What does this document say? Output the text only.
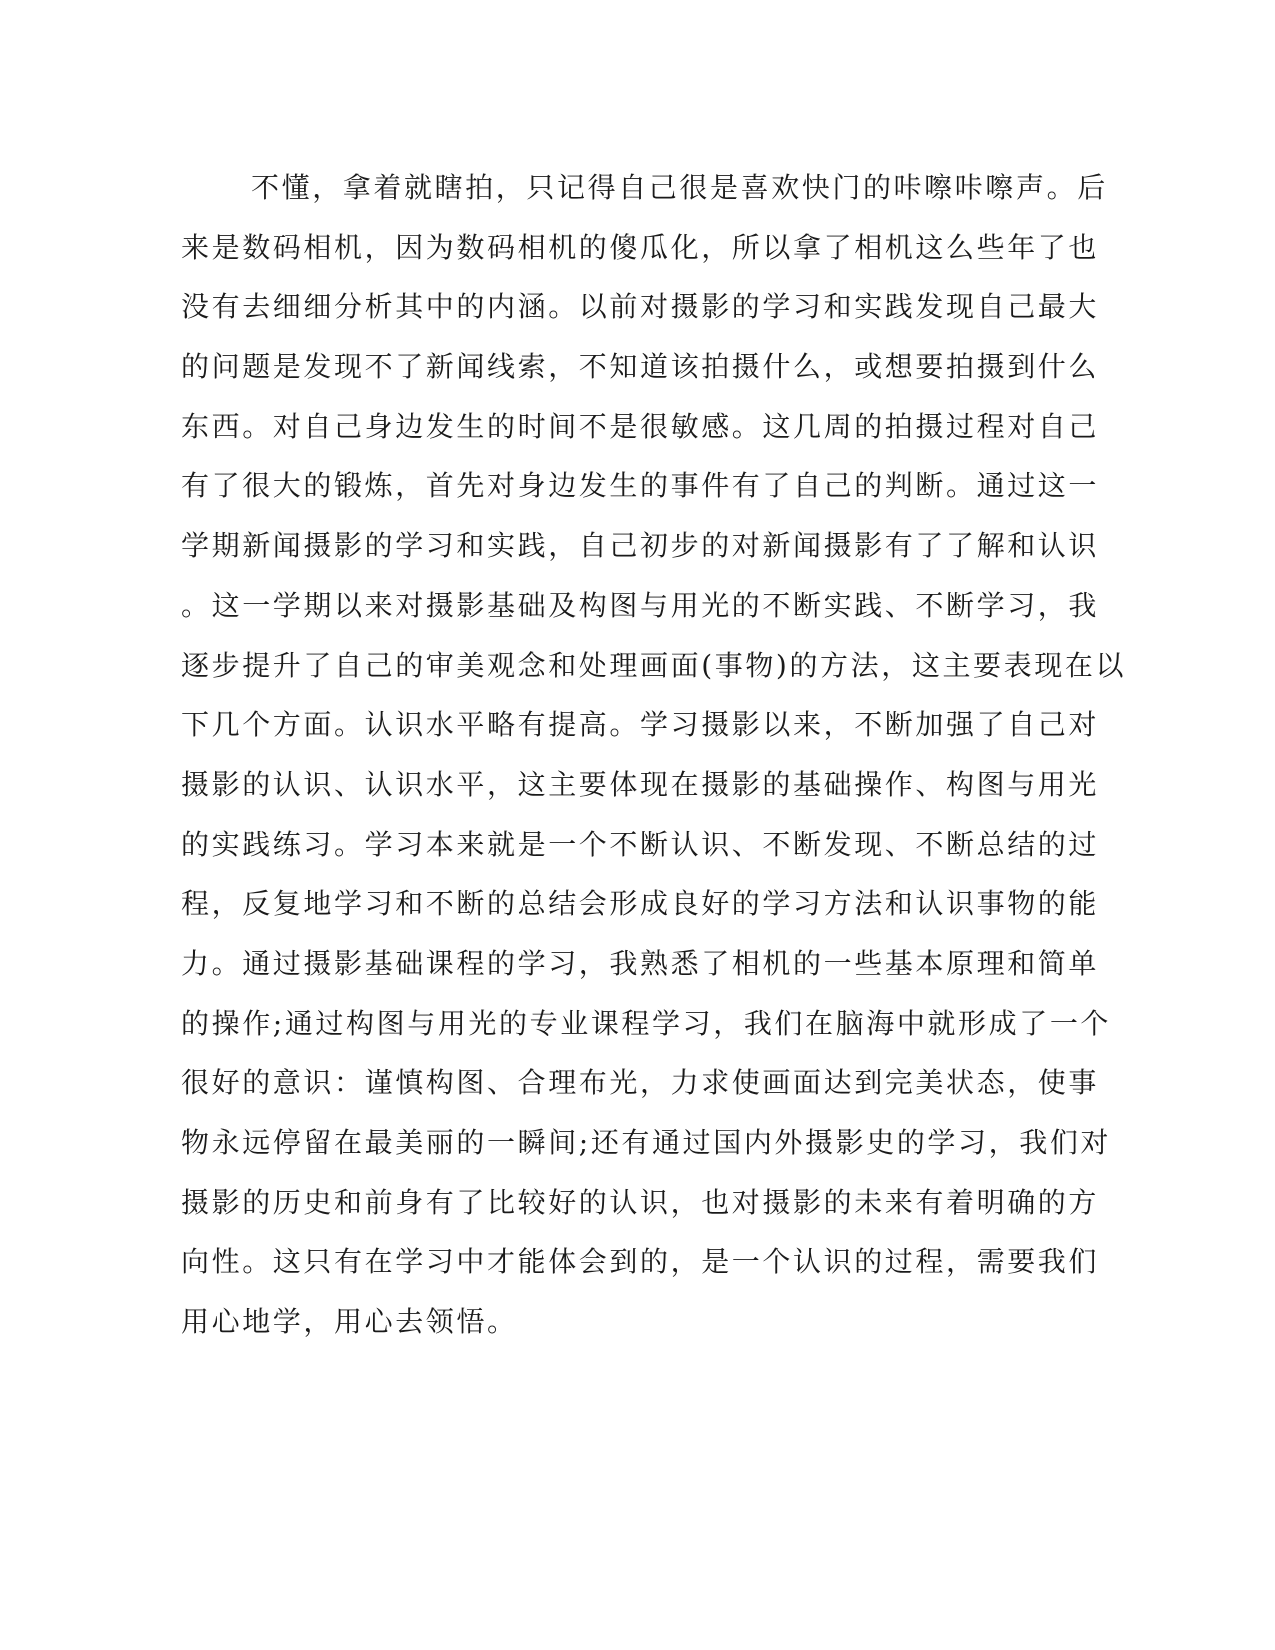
不懂，拿着就瞎拍，只记得自己很是喜欢快门的咔嚓咔嚓声。后
来是数码相机，因为数码相机的傻瓜化，所以拿了相机这么些年了也
没有去细细分析其中的内涵。以前对摄影的学习和实践发现自己最大
的问题是发现不了新闻线索，不知道该拍摄什么，或想要拍摄到什么
东西。对自己身边发生的时间不是很敏感。这几周的拍摄过程对自己
有了很大的锻炼，首先对身边发生的事件有了自己的判断。通过这一
学期新闻摄影的学习和实践，自己初步的对新闻摄影有了了解和认识
。这一学期以来对摄影基础及构图与用光的不断实践、不断学习，我
逐步提升了自己的审美观念和处理画面(事物)的方法，这主要表现在以
下几个方面。认识水平略有提高。学习摄影以来，不断加强了自己对
摄影的认识、认识水平，这主要体现在摄影的基础操作、构图与用光
的实践练习。学习本来就是一个不断认识、不断发现、不断总结的过
程，反复地学习和不断的总结会形成良好的学习方法和认识事物的能
力。通过摄影基础课程的学习，我熟悉了相机的一些基本原理和简单
的操作;通过构图与用光的专业课程学习，我们在脑海中就形成了一个
很好的意识：谨慎构图、合理布光，力求使画面达到完美状态，使事
物永远停留在最美丽的一瞬间;还有通过国内外摄影史的学习，我们对
摄影的历史和前身有了比较好的认识，也对摄影的未来有着明确的方
向性。这只有在学习中才能体会到的，是一个认识的过程，需要我们
用心地学，用心去领悟。
